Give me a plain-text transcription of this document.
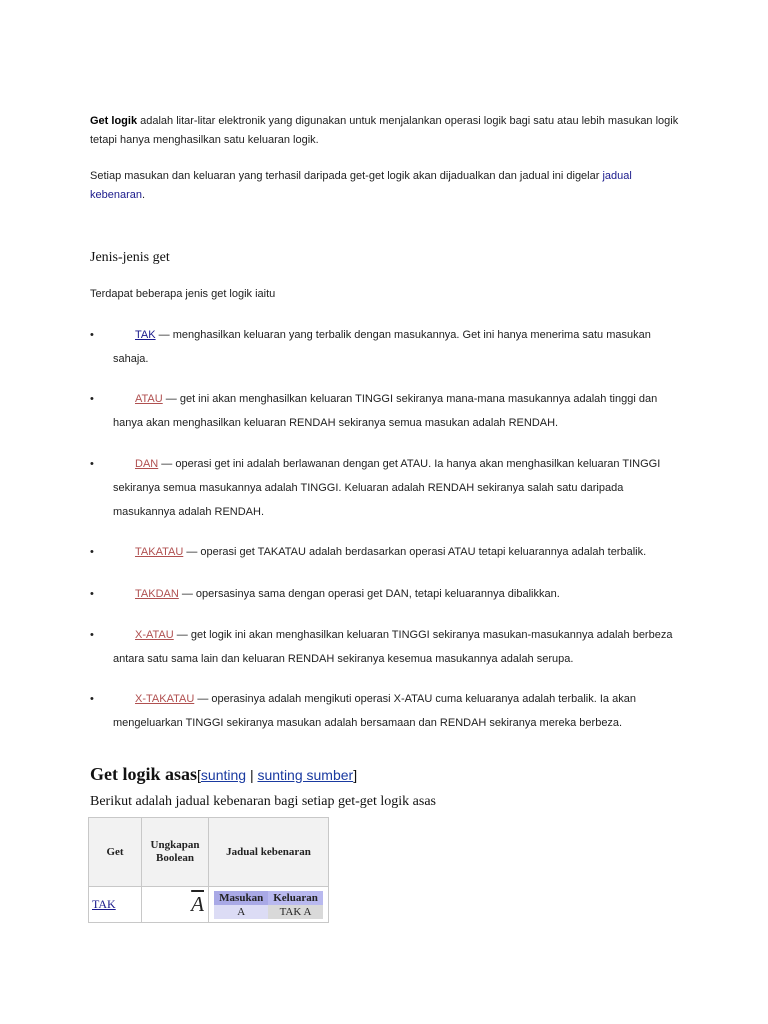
Get logik adalah litar-litar elektronik yang digunakan untuk menjalankan operasi logik bagi satu atau lebih masukan logik tetapi hanya menghasilkan satu keluaran logik.
Setiap masukan dan keluaran yang terhasil daripada get-get logik akan dijadualkan dan jadual ini digelar jadual kebenaran.
Jenis-jenis get
Terdapat beberapa jenis get logik iaitu
•	TAK — menghasilkan keluaran yang terbalik dengan masukannya. Get ini hanya menerima satu masukan sahaja.
•	ATAU — get ini akan menghasilkan keluaran TINGGI sekiranya mana-mana masukannya adalah tinggi dan hanya akan menghasilkan keluaran RENDAH sekiranya semua masukan adalah RENDAH.
•	DAN — operasi get ini adalah berlawanan dengan get ATAU. Ia hanya akan menghasilkan keluaran TINGGI sekiranya semua masukannya adalah TINGGI. Keluaran adalah RENDAH sekiranya salah satu daripada masukannya adalah RENDAH.
•	TAKATAU — operasi get TAKATAU adalah berdasarkan operasi ATAU tetapi keluarannya adalah terbalik.
•	TAKDAN — opersasinya sama dengan operasi get DAN, tetapi keluarannya dibalikkan.
•	X-ATAU — get logik ini akan menghasilkan keluaran TINGGI sekiranya masukan-masukannya adalah berbeza antara satu sama lain dan keluaran RENDAH sekiranya kesemua masukannya adalah serupa.
•	X-TAKATAU — operasinya adalah mengikuti operasi X-ATAU cuma keluaranya adalah terbalik. Ia akan mengeluarkan TINGGI sekiranya masukan adalah bersamaan dan RENDAH sekiranya mereka berbeza.
Get logik asas[sunting | sunting sumber]
Berikut adalah jadual kebenaran bagi setiap get-get logik asas
Get	Ungkapan Boolean	Jadual kebenaran
TAK	$\overline{A}$	Masukan	Keluaran
A	TAK A
